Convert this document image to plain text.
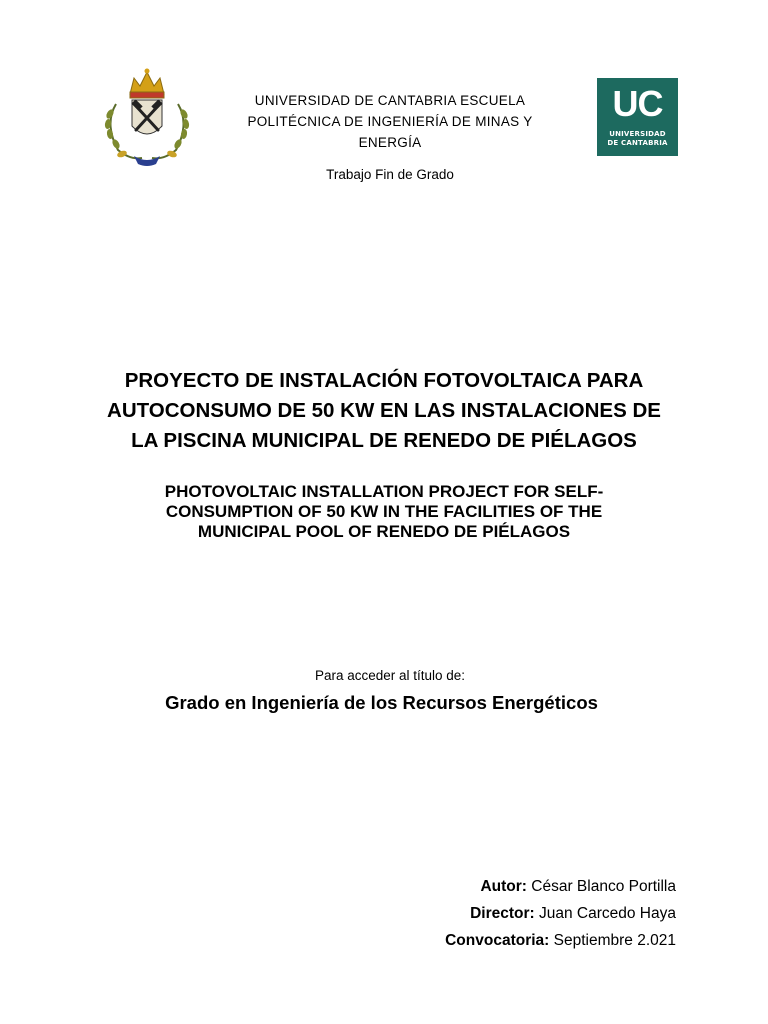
UC
UNIVERSIDAD
DE CANTABRIA
UNIVERSIDAD DE CANTABRIA ESCUELA
POLITÉCNICA DE INGENIERÍA DE MINAS Y
ENERGÍA
Trabajo Fin de Grado
PROYECTO DE INSTALACIÓN FOTOVOLTAICA PARA
AUTOCONSUMO DE 50 KW EN LAS INSTALACIONES DE
LA PISCINA MUNICIPAL DE RENEDO DE PIÉLAGOS
PHOTOVOLTAIC INSTALLATION PROJECT FOR SELF-
CONSUMPTION OF 50 KW IN THE FACILITIES OF THE
MUNICIPAL POOL OF RENEDO DE PIÉLAGOS
Para acceder al título de:
Grado en Ingeniería de los Recursos Energéticos
Autor: César Blanco Portilla
Director: Juan Carcedo Haya
Convocatoria: Septiembre 2.021
